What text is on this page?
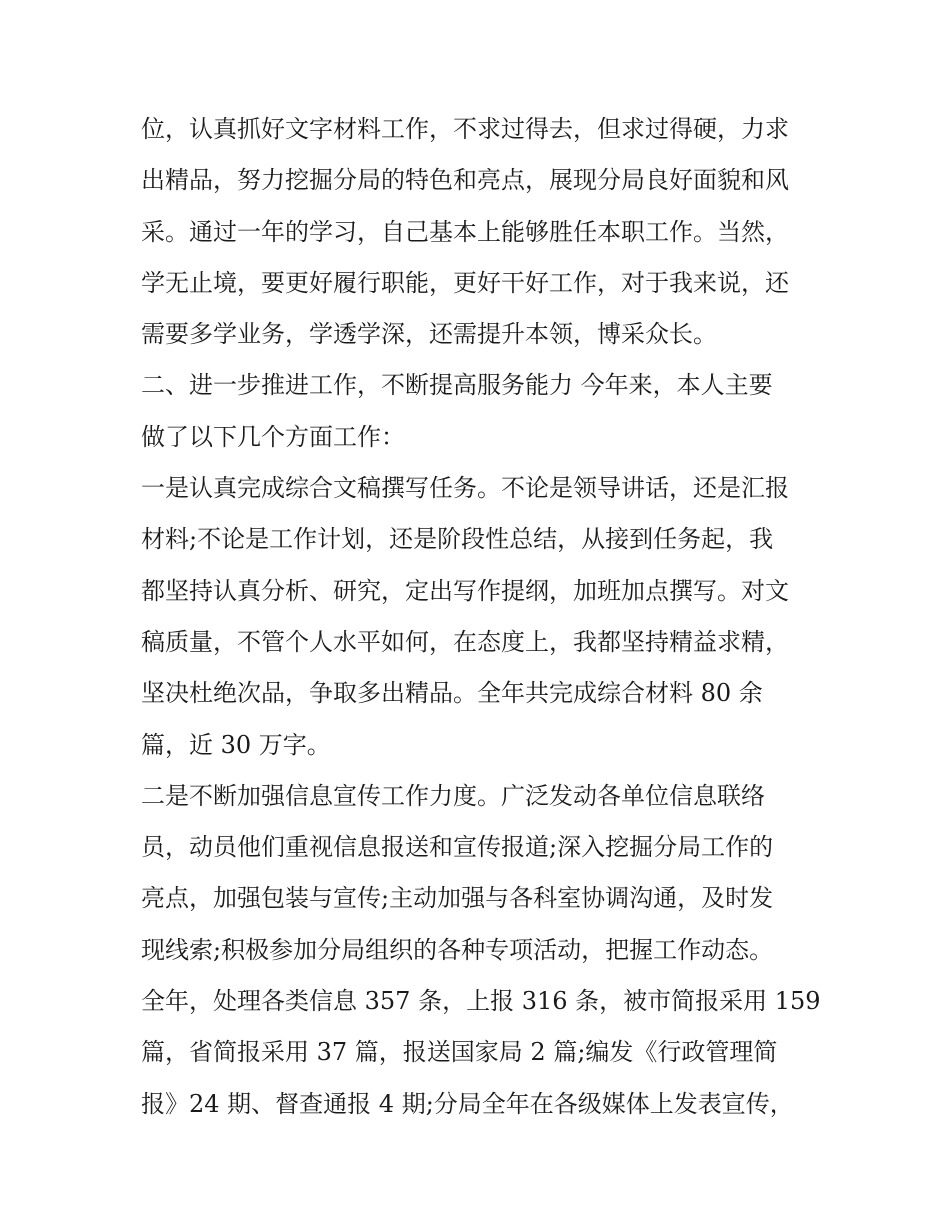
位，认真抓好文字材料工作，不求过得去，但求过得硬，力求
出精品，努力挖掘分局的特色和亮点，展现分局良好面貌和风
采。通过一年的学习，自己基本上能够胜任本职工作。当然，
学无止境，要更好履行职能，更好干好工作，对于我来说，还
需要多学业务，学透学深，还需提升本领，博采众长。
二、进一步推进工作，不断提高服务能力 今年来，本人主要
做了以下几个方面工作：
一是认真完成综合文稿撰写任务。不论是领导讲话，还是汇报
材料;不论是工作计划，还是阶段性总结，从接到任务起，我
都坚持认真分析、研究，定出写作提纲，加班加点撰写。对文
稿质量，不管个人水平如何，在态度上，我都坚持精益求精，
坚决杜绝次品，争取多出精品。全年共完成综合材料 80 余
篇，近 30 万字。
二是不断加强信息宣传工作力度。广泛发动各单位信息联络
员，动员他们重视信息报送和宣传报道;深入挖掘分局工作的
亮点，加强包装与宣传;主动加强与各科室协调沟通，及时发
现线索;积极参加分局组织的各种专项活动，把握工作动态。
全年，处理各类信息 357 条，上报 316 条，被市简报采用 159
篇，省简报采用 37 篇，报送国家局 2 篇;编发《行政管理简
报》24 期、督查通报 4 期;分局全年在各级媒体上发表宣传，
